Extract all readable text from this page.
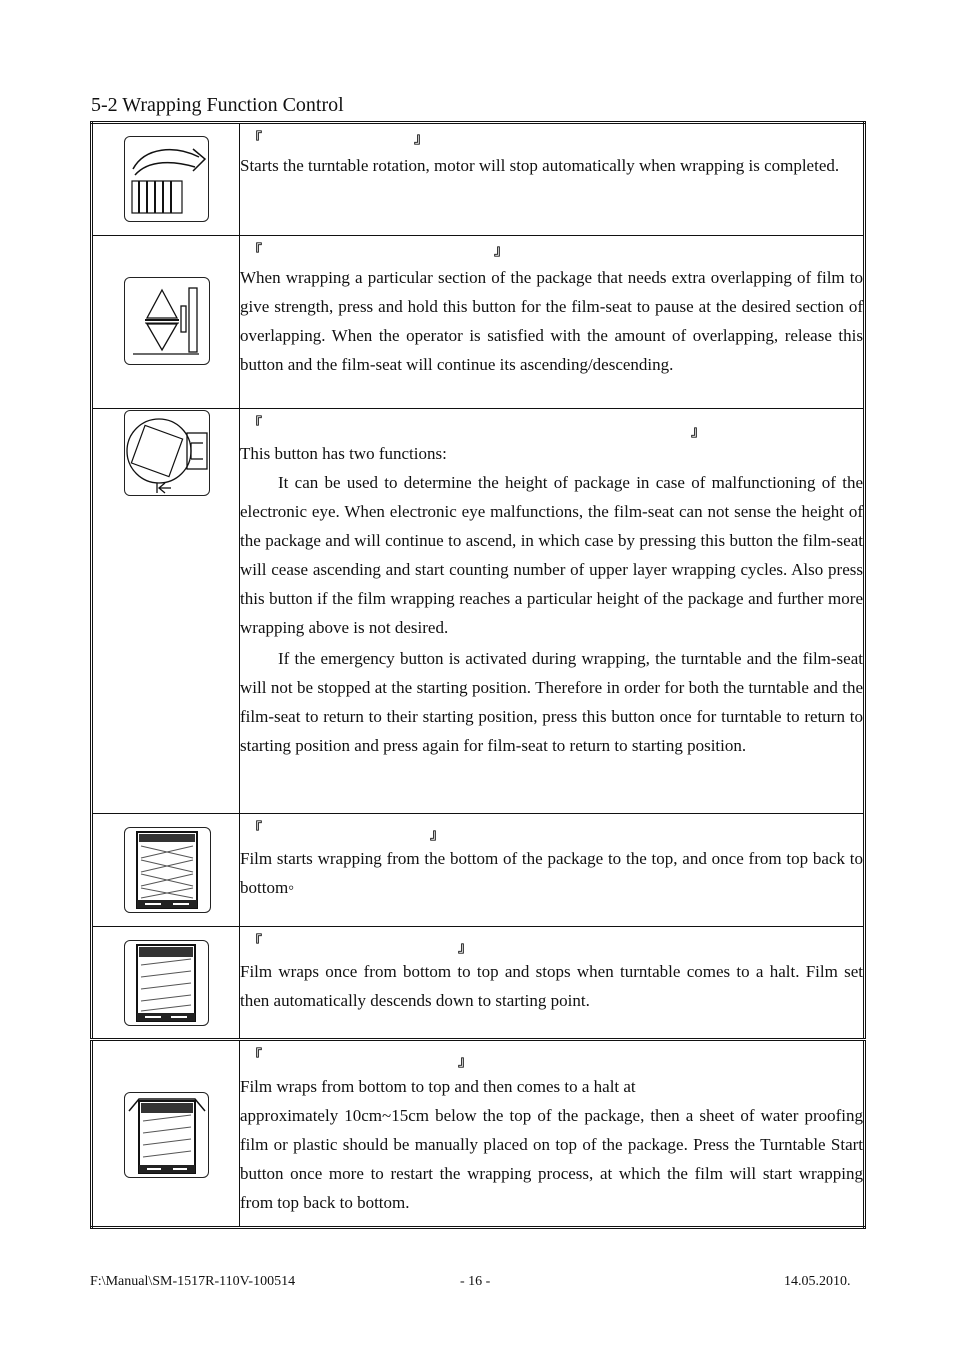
5-2 Wrapping Function Control

『 』

Starts the turntable rotation, motor will stop automatically when wrapping is completed.

『 』

When wrapping a particular section of the package that needs extra overlapping of film to give strength, press and hold this button for the film-seat to pause at the desired section of overlapping. When the operator is satisfied with the amount of overlapping, release this button and the film-seat will continue its ascending/descending.

『 』

This button has two functions:

It can be used to determine the height of package in case of malfunctioning of the electronic eye. When electronic eye malfunctions, the film-seat can not sense the height of the package and will continue to ascend, in which case by pressing this button the film-seat will cease ascending and start counting number of upper layer wrapping cycles. Also press this button if the film wrapping reaches a particular height of the package and further more wrapping above is not desired.

If the emergency button is activated during wrapping, the turntable and the film-seat will not be stopped at the starting position. Therefore in order for both the turntable and the film-seat to return to their starting position, press this button once for turntable to return to starting position and press again for film-seat to return to starting position.

『 』

Film starts wrapping from the bottom of the package to the top, and once from top back to bottom◦

『 』

Film wraps once from bottom to top and stops when turntable comes to a halt. Film set then automatically descends down to starting point.

『 』

Film wraps from bottom to top and then comes to a halt at

approximately 10cm~15cm below the top of the package, then a sheet of water proofing film or plastic should be manually placed on top of the package. Press the Turntable Start button once more to restart the wrapping process, at which the film will start wrapping from top back to bottom.

F:\Manual\SM-1517R-110V-100514	- 16 -	14.05.2010.
